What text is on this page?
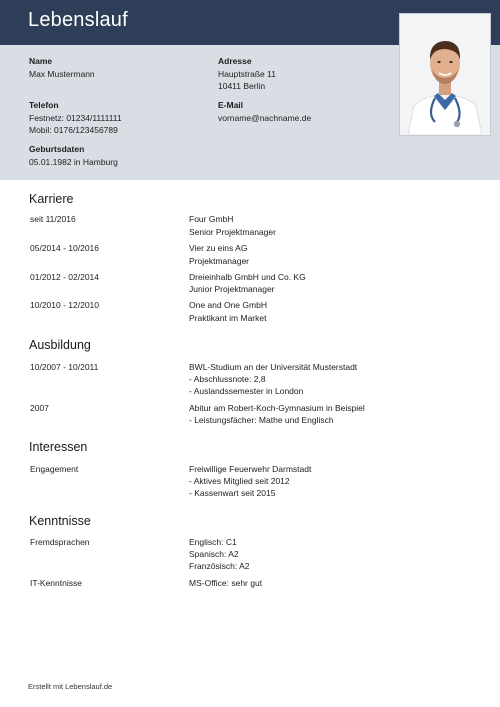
Lebenslauf
Name
Max Mustermann
Adresse
Hauptstraße 11
10411 Berlin
Telefon
Festnetz: 01234/1111111
Mobil: 0176/123456789
E-Mail
vorname@nachname.de
Geburtsdaten
05.01.1982 in Hamburg
Karriere
seit 11/2016	Four GmbH
Senior Projektmanager
05/2014 - 10/2016	Vier zu eins AG
Projektmanager
01/2012 - 02/2014	Dreieinhalb GmbH und Co. KG
Junior Projektmanager
10/2010 - 12/2010	One and One GmbH
Praktikant im Market
Ausbildung
10/2007 - 10/2011	BWL-Studium an der Universität Musterstadt
- Abschlussnote: 2,8
- Auslandssemester in London
2007	Abitur am Robert-Koch-Gymnasium in Beispiel
- Leistungsfächer: Mathe und Englisch
Interessen
Engagement	Freiwillige Feuerwehr Darmstadt
- Aktives Mitglied seit 2012
- Kassenwart seit 2015
Kenntnisse
Fremdsprachen	Englisch: C1
Spanisch: A2
Französisch: A2
IT-Kenntnisse	MS-Office: sehr gut
Erstellt mit Lebenslauf.de
